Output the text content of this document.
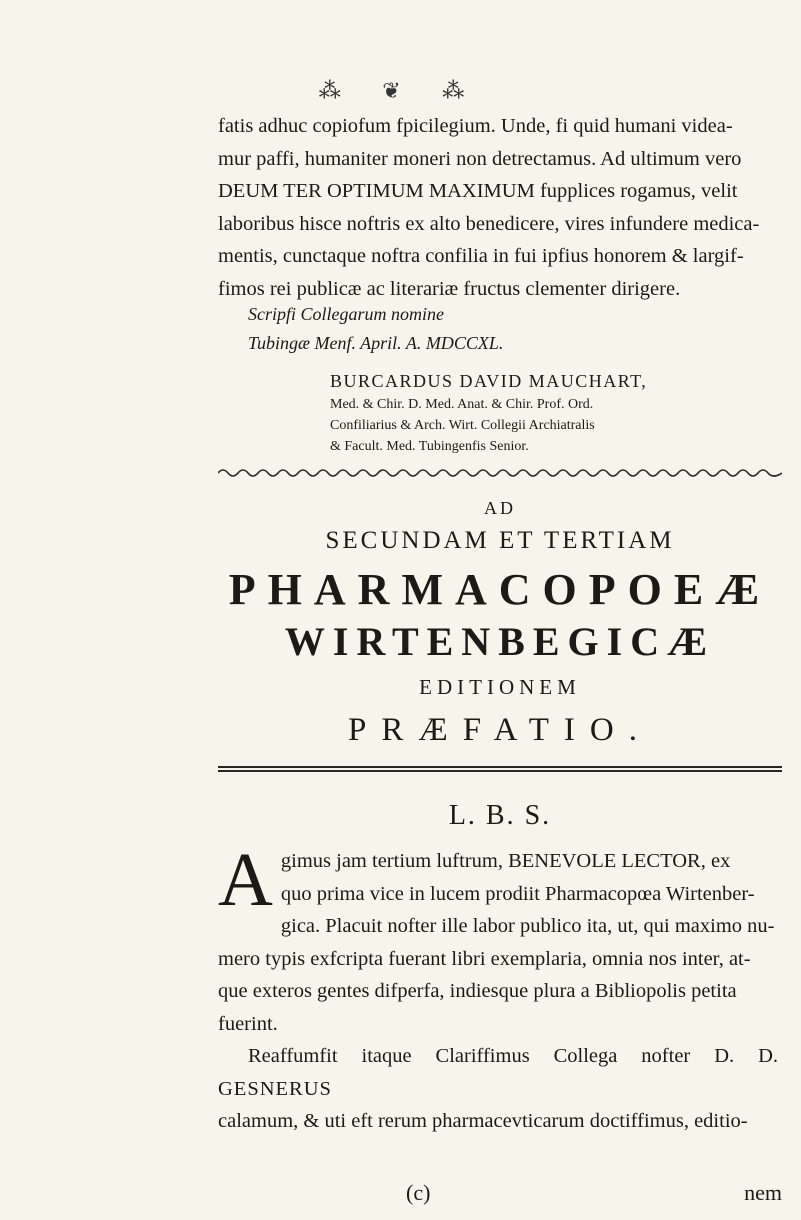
⁂ ❦ ⁂

fatis adhuc copiofum fpicilegium. Unde, fi quid humani videa-

mur paffi, humaniter moneri non detrectamus. Ad ultimum vero

DEUM TER OPTIMUM MAXIMUM fupplices rogamus, velit

laboribus hisce noftris ex alto benedicere, vires infundere medica-

mentis, cunctaque noftra confilia in fui ipfius honorem & largif-

fimos rei publicæ ac literariæ fructus clementer dirigere.

Scripfi Collegarum nomine
Tubingæ Menf. April. A. MDCCXL.
BURCARDUS DAVID MAUCHART,
Med. & Chir. D. Med. Anat. & Chir. Prof. Ord.
Confiliarius & Arch. Wirt. Collegii Archiatralis
& Facult. Med. Tubingenfis Senior.
AD
SECUNDAM ET TERTIAM
PHARMACOPOEÆ
WIRTENBEGICÆ
EDITIONEM
PRÆFATIO.
L. B. S.
A gimus jam tertium luftrum, BENEVOLE LECTOR, ex
quo prima vice in lucem prodiit Pharmacopœa Wirtenber-
gica. Placuit nofter ille labor publico ita, ut, qui maximo nu-
mero typis exfcripta fuerant libri exemplaria, omnia nos inter, at-
que exteros gentes difperfa, indiesque plura a Bibliopolis petita
fuerint.
Reaffumfit itaque Clariffimus Collega nofter D. D. GESNERUS
calamum, & uti eft rerum pharmacevticarum doctiffimus, editio-
(c)	nem
